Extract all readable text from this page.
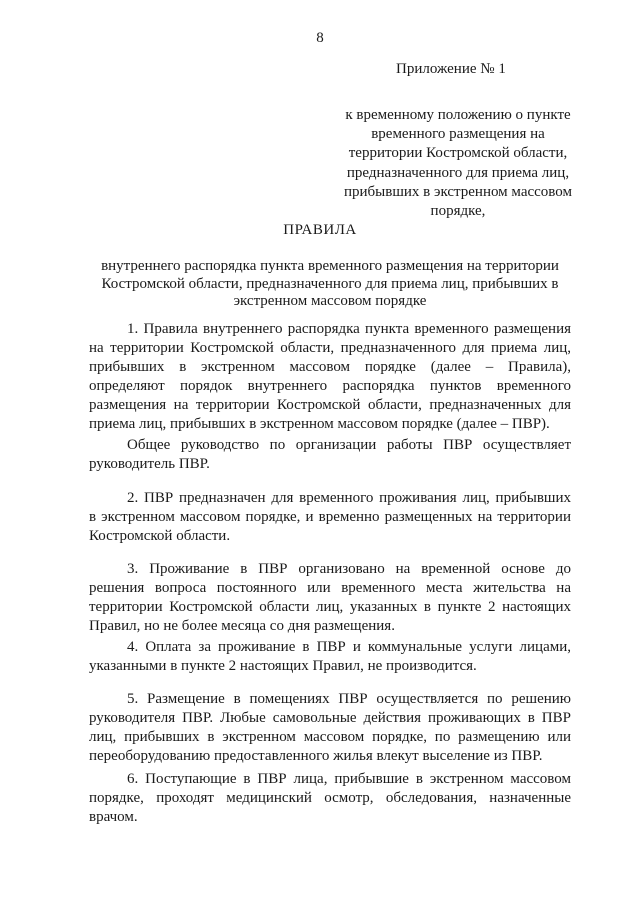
8
Приложение № 1
к временному положению о пункте
временного размещения на
территории Костромской области,
предназначенного для приема лиц,
прибывших в экстренном массовом
порядке,
ПРАВИЛА
внутреннего распорядка пункта временного размещения на территории
Костромской области, предназначенного для приема лиц, прибывших в
экстренном массовом порядке
1. Правила внутреннего распорядка пункта временного размещения
на территории Костромской области, предназначенного для приема лиц,
прибывших в экстренном массовом порядке (далее – Правила),
определяют порядок внутреннего распорядка пунктов временного
размещения на территории Костромской области, предназначенных для
приема лиц, прибывших в экстренном массовом порядке (далее – ПВР).
Общее руководство по организации работы ПВР осуществляет
руководитель ПВР.
2. ПВР предназначен для временного проживания лиц, прибывших
в экстренном массовом порядке, и временно размещенных на территории
Костромской области.
3. Проживание в ПВР организовано на временной основе до
решения вопроса постоянного или временного места жительства на
территории Костромской области лиц, указанных в пункте 2 настоящих
Правил, но не более месяца со дня размещения.
4. Оплата за проживание в ПВР и коммунальные услуги лицами,
указанными в пункте 2 настоящих Правил, не производится.
5. Размещение в помещениях ПВР осуществляется по решению
руководителя ПВР. Любые самовольные действия проживающих в ПВР
лиц, прибывших в экстренном массовом порядке, по размещению или
переоборудованию предоставленного жилья влекут выселение из ПВР.
6. Поступающие в ПВР лица, прибывшие в экстренном массовом
порядке, проходят медицинский осмотр, обследования, назначенные
врачом.
